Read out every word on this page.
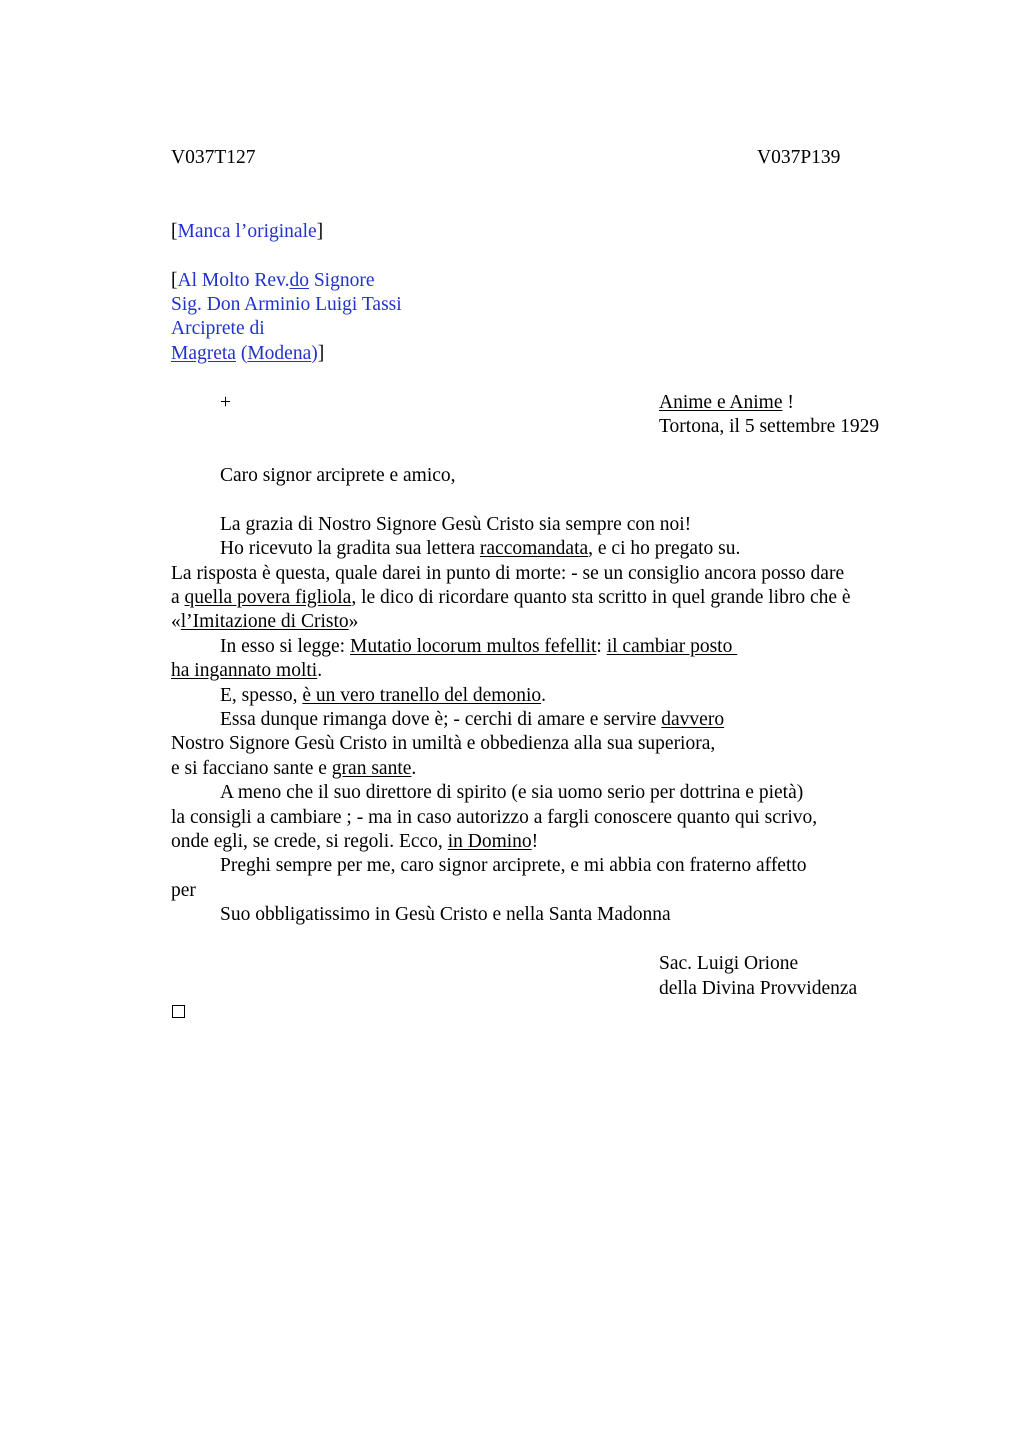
V037T127	V037P139
[Manca l’originale]
[Al Molto Rev.do Signore
Sig. Don Arminio Luigi Tassi
Arciprete di
Magreta (Modena)]
+	Anime e Anime !
Tortona, il 5 settembre 1929
Caro signor arciprete e amico,
La grazia di Nostro Signore Gesù Cristo sia sempre con noi!
Ho ricevuto la gradita sua lettera raccomandata, e ci ho pregato su.
La risposta è questa, quale darei in punto di morte: - se un consiglio ancora posso dare
a quella povera figliola, le dico di ricordare quanto sta scritto in quel grande libro che è
«l’Imitazione di Cristo»
In esso si legge: Mutatio locorum multos fefellit: il cambiar posto
ha ingannato molti.
E, spesso, è un vero tranello del demonio.
Essa dunque rimanga dove è; - cerchi di amare e servire davvero
Nostro Signore Gesù Cristo in umiltà e obbedienza alla sua superiora,
e si facciano sante e gran sante.
A meno che il suo direttore di spirito (e sia uomo serio per dottrina e pietà)
la consigli a cambiare ; - ma in caso autorizzo a fargli conoscere quanto qui scrivo,
onde egli, se crede, si regoli. Ecco, in Domino!
Preghi sempre per me, caro signor arciprete, e mi abbia con fraterno affetto
per
Suo obbligatissimo in Gesù Cristo e nella Santa Madonna
Sac. Luigi Orione
della Divina Provvidenza
